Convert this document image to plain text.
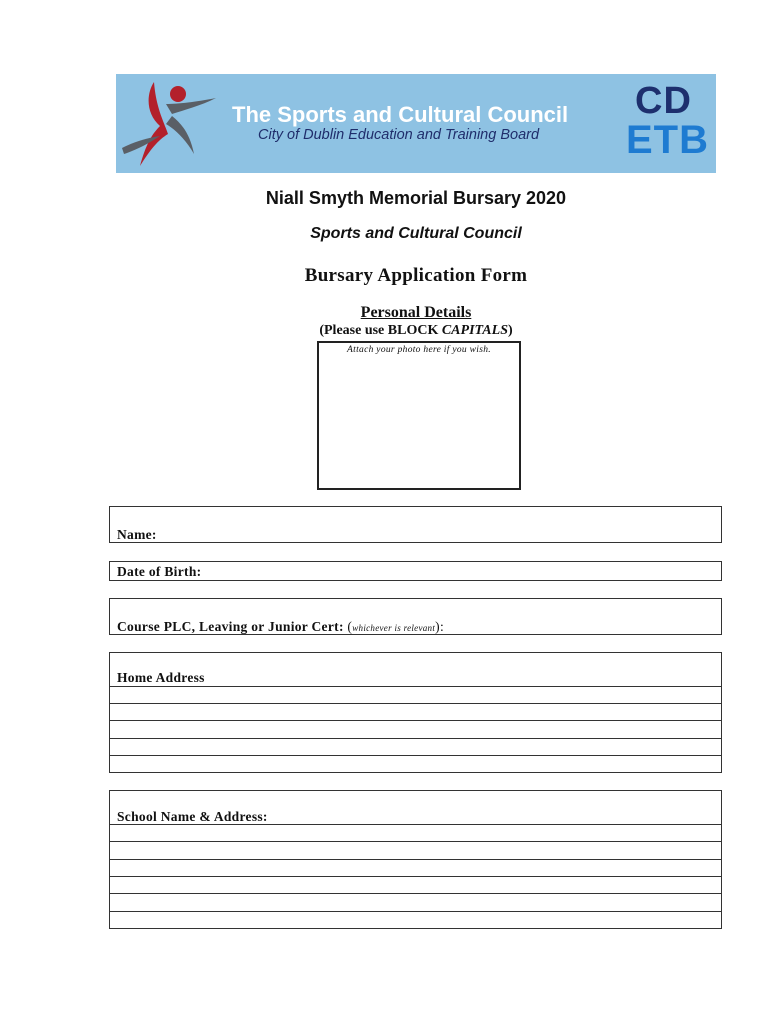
The Sports and Cultural Council
City of Dublin Education and Training Board
CD
ETB
Niall Smyth Memorial Bursary 2020
Sports and Cultural Council
Bursary Application Form
Personal Details
(Please use BLOCK CAPITALS)
Attach your photo here if you wish.
Name:
Date of Birth:
Course PLC, Leaving or Junior Cert: (whichever is relevant):
Home Address
School Name & Address:
